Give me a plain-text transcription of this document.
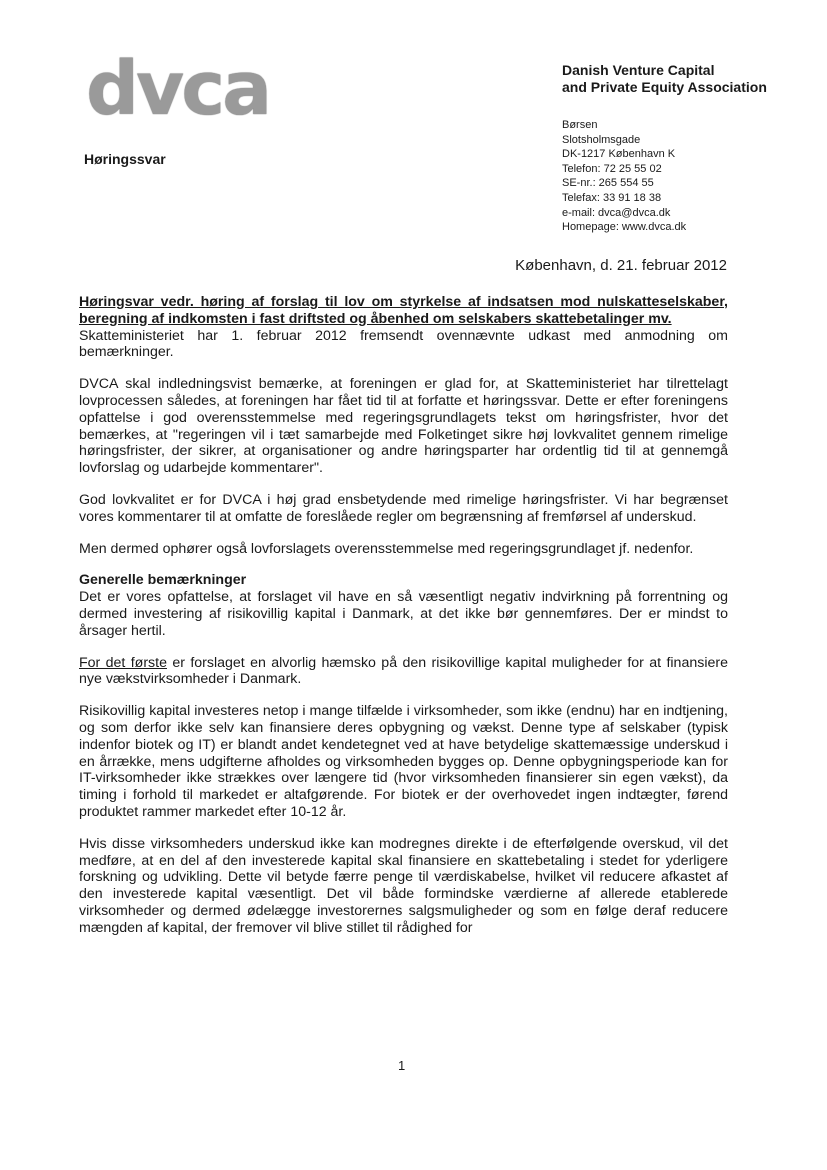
dvca
Høringssvar
Danish Venture Capital
and Private Equity Association
Børsen
Slotsholmsgade
DK-1217 København K
Telefon: 72 25 55 02
SE-nr.: 265 554 55
Telefax: 33 91 18 38
e-mail: dvca@dvca.dk
Homepage: www.dvca.dk
København, d. 21. februar 2012
Høringsvar vedr. høring af forslag til lov om styrkelse af indsatsen mod nulskatteselskaber, beregning af indkomsten i fast driftsted og åbenhed om selskabers skattebetalinger mv.

Skatteministeriet har 1. februar 2012 fremsendt ovennævnte udkast med anmodning om bemærkninger.

DVCA skal indledningsvist bemærke, at foreningen er glad for, at Skatteministeriet har tilrettelagt lovprocessen således, at foreningen har fået tid til at forfatte et høringssvar. Dette er efter foreningens opfattelse i god overensstemmelse med regeringsgrundlagets tekst om høringsfrister, hvor det bemærkes, at "regeringen vil i tæt samarbejde med Folketinget sikre høj lovkvalitet gennem rimelige høringsfrister, der sikrer, at organisationer og andre høringsparter har ordentlig tid til at gennemgå lovforslag og udarbejde kommentarer".

God lovkvalitet er for DVCA i høj grad ensbetydende med rimelige høringsfrister. Vi har begrænset vores kommentarer til at omfatte de foreslåede regler om begrænsning af fremførsel af underskud.

Men dermed ophører også lovforslagets overensstemmelse med regeringsgrundlaget jf. nedenfor.

Generelle bemærkninger

Det er vores opfattelse, at forslaget vil have en så væsentligt negativ indvirkning på forrentning og dermed investering af risikovillig kapital i Danmark, at det ikke bør gennemføres. Der er mindst to årsager hertil.

For det første er forslaget en alvorlig hæmsko på den risikovillige kapital muligheder for at finansiere nye vækstvirksomheder i Danmark.

Risikovillig kapital investeres netop i mange tilfælde i virksomheder, som ikke (endnu) har en indtjening, og som derfor ikke selv kan finansiere deres opbygning og vækst. Denne type af selskaber (typisk indenfor biotek og IT) er blandt andet kendetegnet ved at have betydelige skattemæssige underskud i en årrække, mens udgifterne afholdes og virksomheden bygges op. Denne opbygningsperiode kan for IT-virksomheder ikke strækkes over længere tid (hvor virksomheden finansierer sin egen vækst), da timing i forhold til markedet er altafgørende. For biotek er der overhovedet ingen indtægter, førend produktet rammer markedet efter 10-12 år.

Hvis disse virksomheders underskud ikke kan modregnes direkte i de efterfølgende overskud, vil det medføre, at en del af den investerede kapital skal finansiere en skattebetaling i stedet for yderligere forskning og udvikling. Dette vil betyde færre penge til værdiskabelse, hvilket vil reducere afkastet af den investerede kapital væsentligt. Det vil både formindske værdierne af allerede etablerede virksomheder og dermed ødelægge investorernes salgsmuligheder og som en følge deraf reducere mængden af kapital, der fremover vil blive stillet til rådighed for

1
